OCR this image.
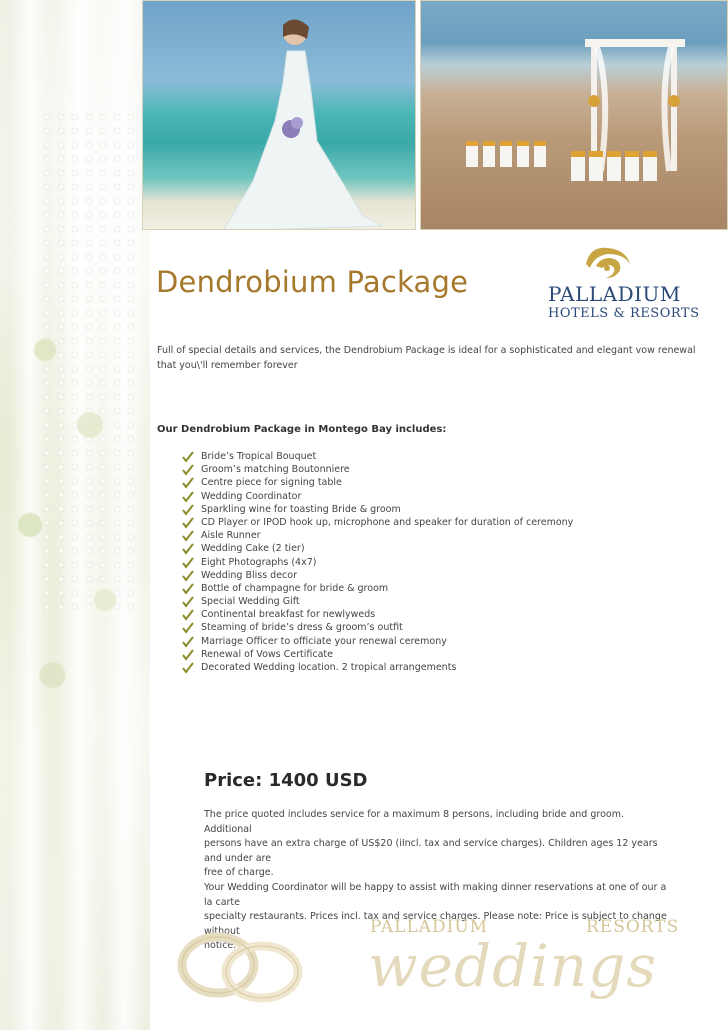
PALLADIUM
HOTELS & RESORTS
Dendrobium Package
Full of special details and services, the Dendrobium Package is ideal for a sophisticated and elegant vow renewal that you\'ll remember forever
Our Dendrobium Package in Montego Bay includes:
Bride’s Tropical Bouquet
Groom’s matching Boutonniere
Centre piece for signing table
Wedding Coordinator
Sparkling wine for toasting Bride & groom
CD Player or IPOD hook up, microphone and speaker for duration of ceremony
Aisle Runner
Wedding Cake (2 tier)
Eight Photographs (4x7)
Wedding Bliss decor
Bottle of champagne for bride & groom
Special Wedding Gift
Continental breakfast for newlyweds
Steaming of bride’s dress & groom’s outfit
Marriage Officer to officiate your renewal ceremony
Renewal of Vows Certificate
Decorated Wedding location. 2 tropical arrangements
Price: 1400 USD
The price quoted includes service for a maximum 8 persons, including bride and groom. Additional
persons have an extra charge of US$20 (iIncl. tax and service charges). Children ages 12 years and under are
free of charge.
Your Wedding Coordinator will be happy to assist with making dinner reservations at one of our a la carte
specialty restaurants. Prices incl. tax and service charges. Please note: Price is subject to change without
notice.
PALLADIUM	RESORTS
weddings
